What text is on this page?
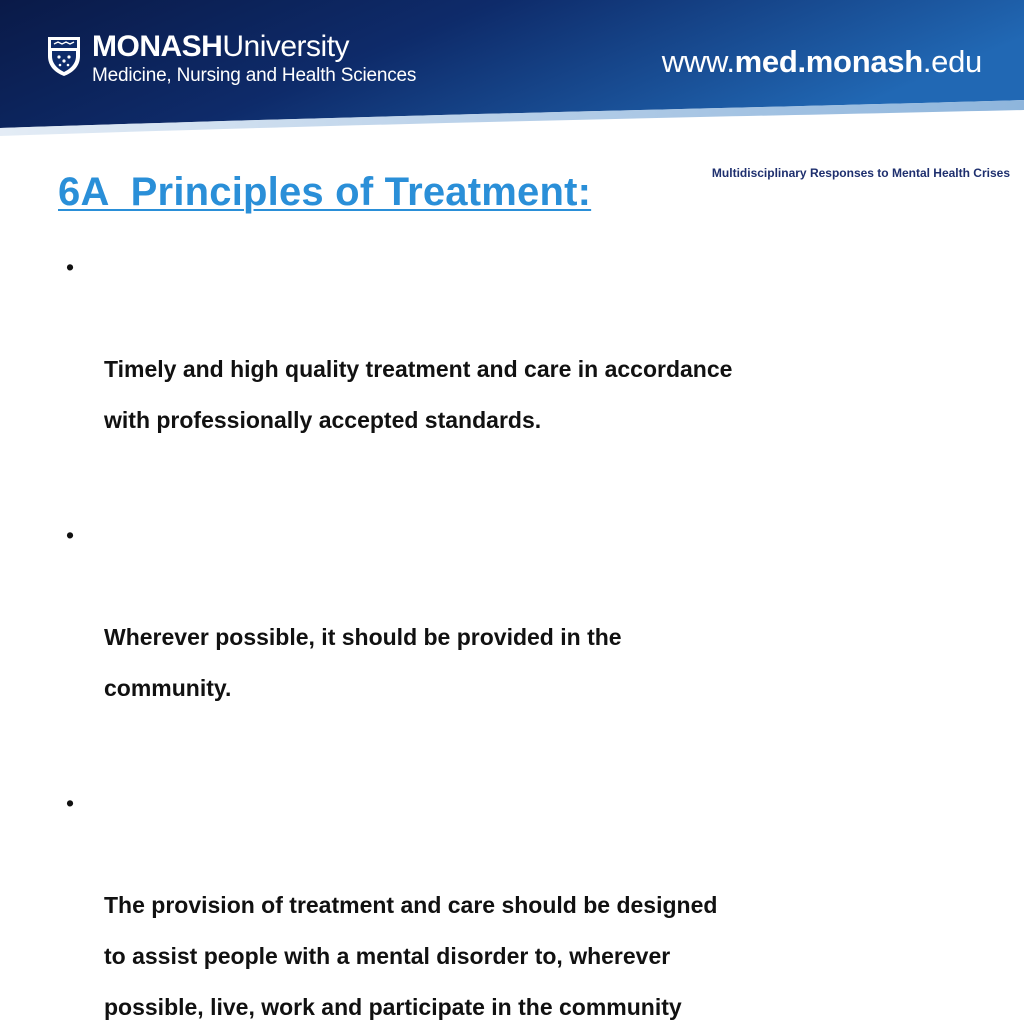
MONASHUniversity
Medicine, Nursing and Health Sciences	www.med.monash.edu
Multidisciplinary Responses to Mental Health Crises
6A  Principles of Treatment:

•

Timely and high quality treatment and care in accordance
with professionally accepted standards.

•

Wherever possible, it should be provided in the
community.

•

The provision of treatment and care should be designed
to assist people with a mental disorder to, wherever
possible, live, work and participate in the community
